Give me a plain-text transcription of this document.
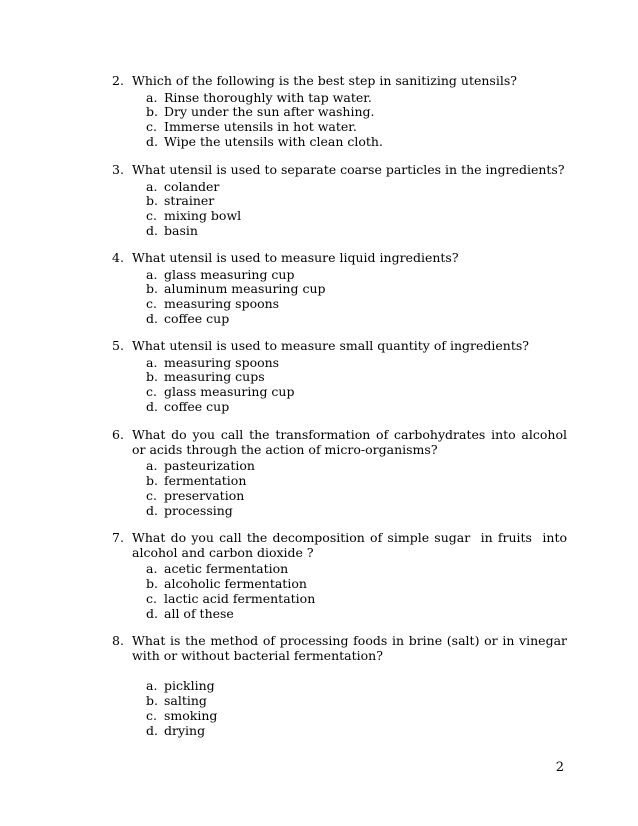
2. Which of the following is the best step in sanitizing utensils?
a. Rinse thoroughly with tap water.
b. Dry under the sun after washing.
c. Immerse utensils in hot water.
d. Wipe the utensils with clean cloth.
3. What utensil is used to separate coarse particles in the ingredients?
a. colander
b. strainer
c. mixing bowl
d. basin
4. What utensil is used to measure liquid ingredients?
a. glass measuring cup
b. aluminum measuring cup
c. measuring spoons
d. coffee cup
5. What utensil is used to measure small quantity of ingredients?
a. measuring spoons
b. measuring cups
c. glass measuring cup
d. coffee cup
6. What do you call the transformation of carbohydrates into alcohol or acids through the action of micro-organisms?
a. pasteurization
b. fermentation
c. preservation
d. processing
7. What do you call the decomposition of simple sugar  in fruits  into alcohol and carbon dioxide ?
a. acetic fermentation
b. alcoholic fermentation
c. lactic acid fermentation
d. all of these
8. What is the method of processing foods in brine (salt) or in vinegar with or without bacterial fermentation?
a. pickling
b. salting
c. smoking
d. drying
2
